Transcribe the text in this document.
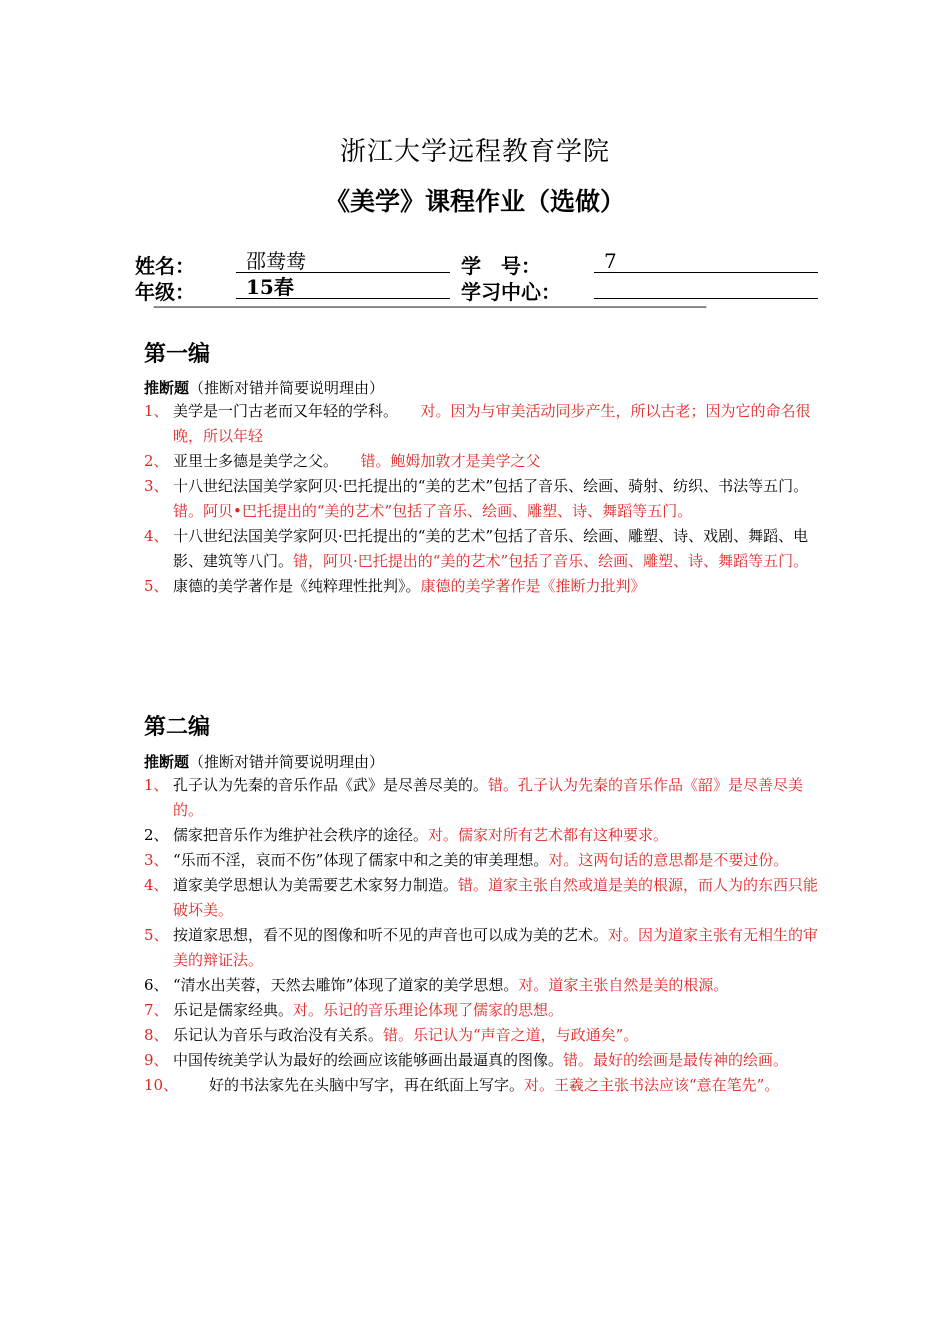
浙江大学远程教育学院
《美学》课程作业（选做）
姓名：	邵鸯鸯	学　号：	7
年级：	15春	学习中心：
——————————————————————————————————————————————
第一编
推断题（推断对错并简要说明理由）
1、 美学是一门古老而又年轻的学科。　　对。因为与审美活动同步产生，所以古老；因为它的命名很晚，所以年轻
2、 亚里士多德是美学之父。　　错。鲍姆加敦才是美学之父
3、 十八世纪法国美学家阿贝·巴托提出的“美的艺术”包括了音乐、绘画、骑射、纺织、书法等五门。错。阿贝•巴托提出的“美的艺术”包括了音乐、绘画、雕塑、诗、舞蹈等五门。
4、 十八世纪法国美学家阿贝·巴托提出的“美的艺术”包括了音乐、绘画、雕塑、诗、戏剧、舞蹈、电影、建筑等八门。错，阿贝·巴托提出的“美的艺术”包括了音乐、绘画、雕塑、诗、舞蹈等五门。
5、 康德的美学著作是《纯粹理性批判》。康德的美学著作是《推断力批判》
第二编
推断题（推断对错并简要说明理由）
1、 孔子认为先秦的音乐作品《武》是尽善尽美的。错。孔子认为先秦的音乐作品《韶》是尽善尽美的。
2、 儒家把音乐作为维护社会秩序的途径。对。儒家对所有艺术都有这种要求。
3、 “乐而不淫，哀而不伤”体现了儒家中和之美的审美理想。对。这两句话的意思都是不要过份。
4、 道家美学思想认为美需要艺术家努力制造。错。道家主张自然或道是美的根源，而人为的东西只能破坏美。
5、 按道家思想，看不见的图像和听不见的声音也可以成为美的艺术。对。因为道家主张有无相生的审美的辩证法。
6、 “清水出芙蓉，天然去雕饰”体现了道家的美学思想。对。道家主张自然是美的根源。
7、 乐记是儒家经典。对。乐记的音乐理论体现了儒家的思想。
8、 乐记认为音乐与政治没有关系。错。乐记认为“声音之道，与政通矣”。
9、 中国传统美学认为最好的绘画应该能够画出最逼真的图像。错。最好的绘画是最传神的绘画。
10、 好的书法家先在头脑中写字，再在纸面上写字。对。王羲之主张书法应该“意在笔先”。
